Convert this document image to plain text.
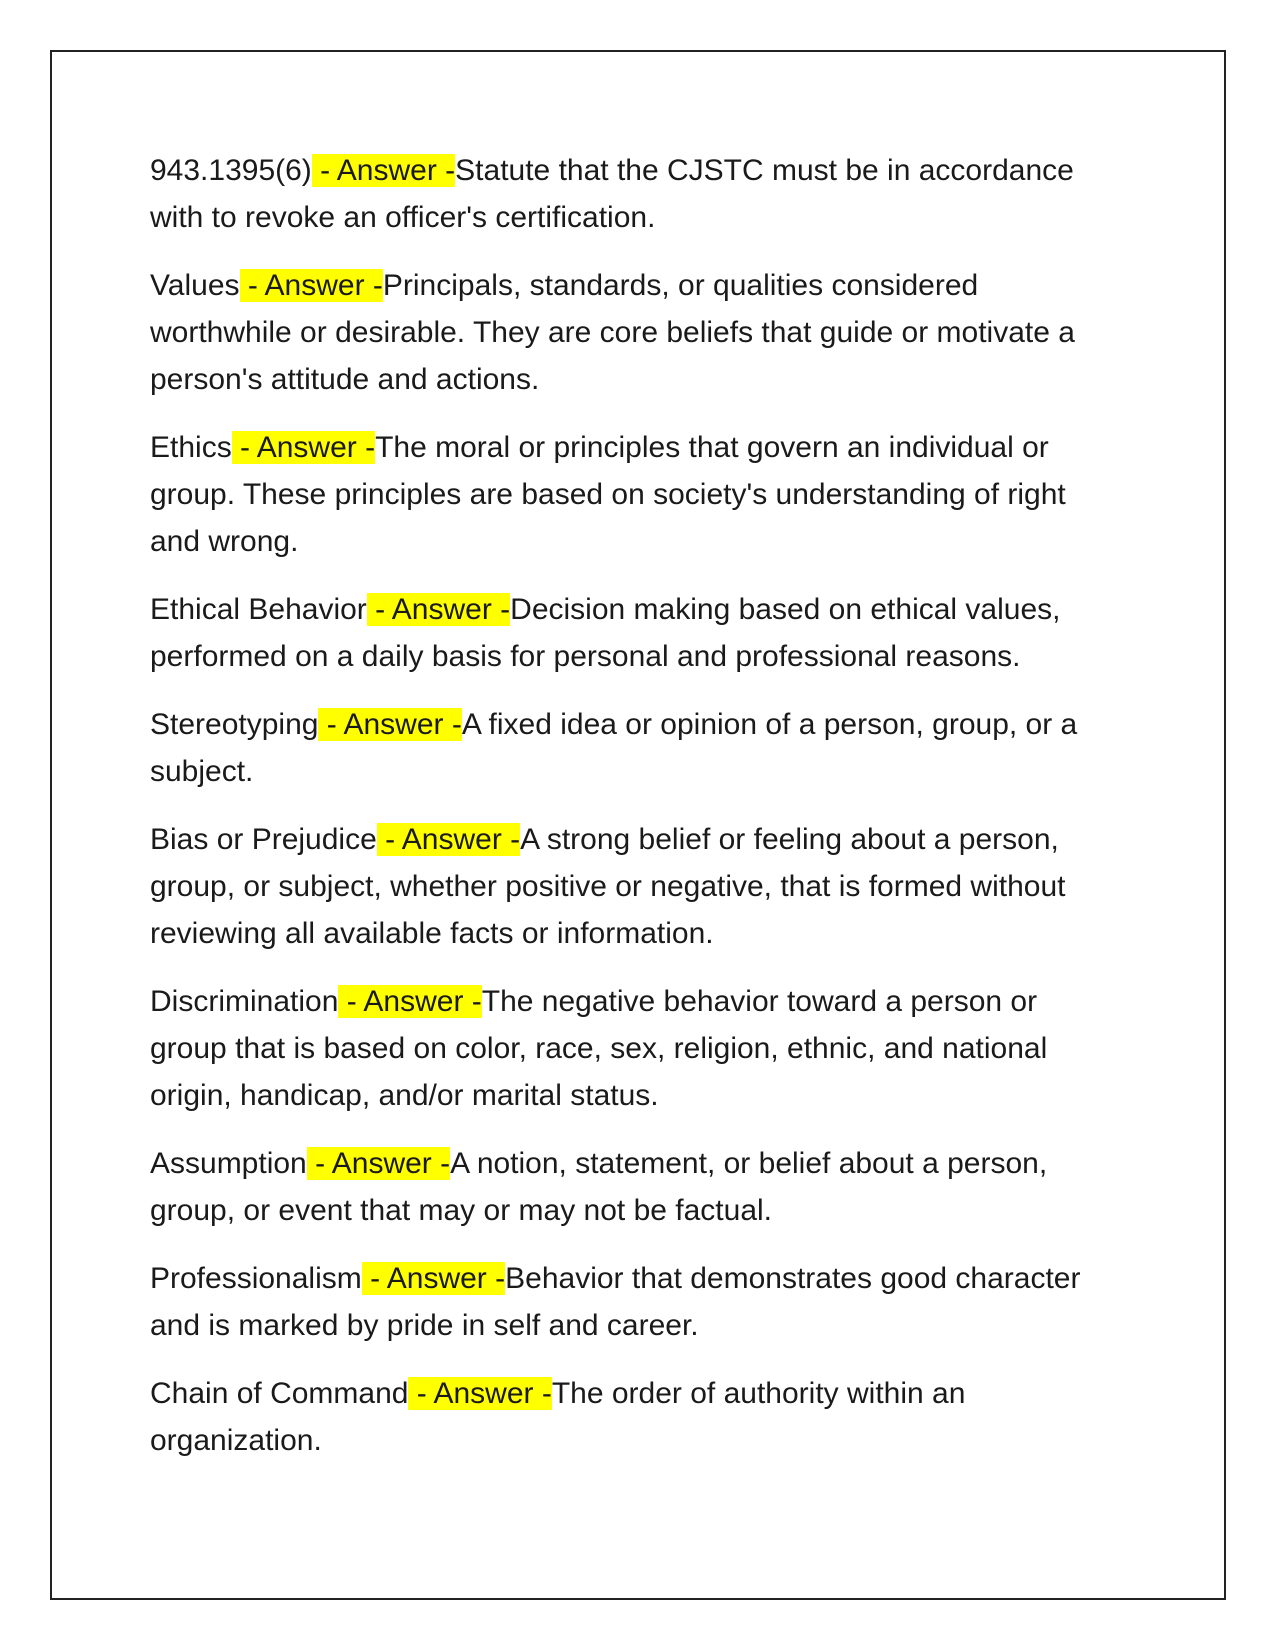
943.1395(6) - Answer -Statute that the CJSTC must be in accordance with to revoke an officer's certification.

Values - Answer -Principals, standards, or qualities considered worthwhile or desirable. They are core beliefs that guide or motivate a person's attitude and actions.

Ethics - Answer -The moral or principles that govern an individual or group. These principles are based on society's understanding of right and wrong.

Ethical Behavior - Answer -Decision making based on ethical values, performed on a daily basis for personal and professional reasons.

Stereotyping - Answer -A fixed idea or opinion of a person, group, or a subject.

Bias or Prejudice - Answer -A strong belief or feeling about a person, group, or subject, whether positive or negative, that is formed without reviewing all available facts or information.

Discrimination - Answer -The negative behavior toward a person or group that is based on color, race, sex, religion, ethnic, and national origin, handicap, and/or marital status.

Assumption - Answer -A notion, statement, or belief about a person, group, or event that may or may not be factual.

Professionalism - Answer -Behavior that demonstrates good character and is marked by pride in self and career.

Chain of Command - Answer -The order of authority within an organization.
